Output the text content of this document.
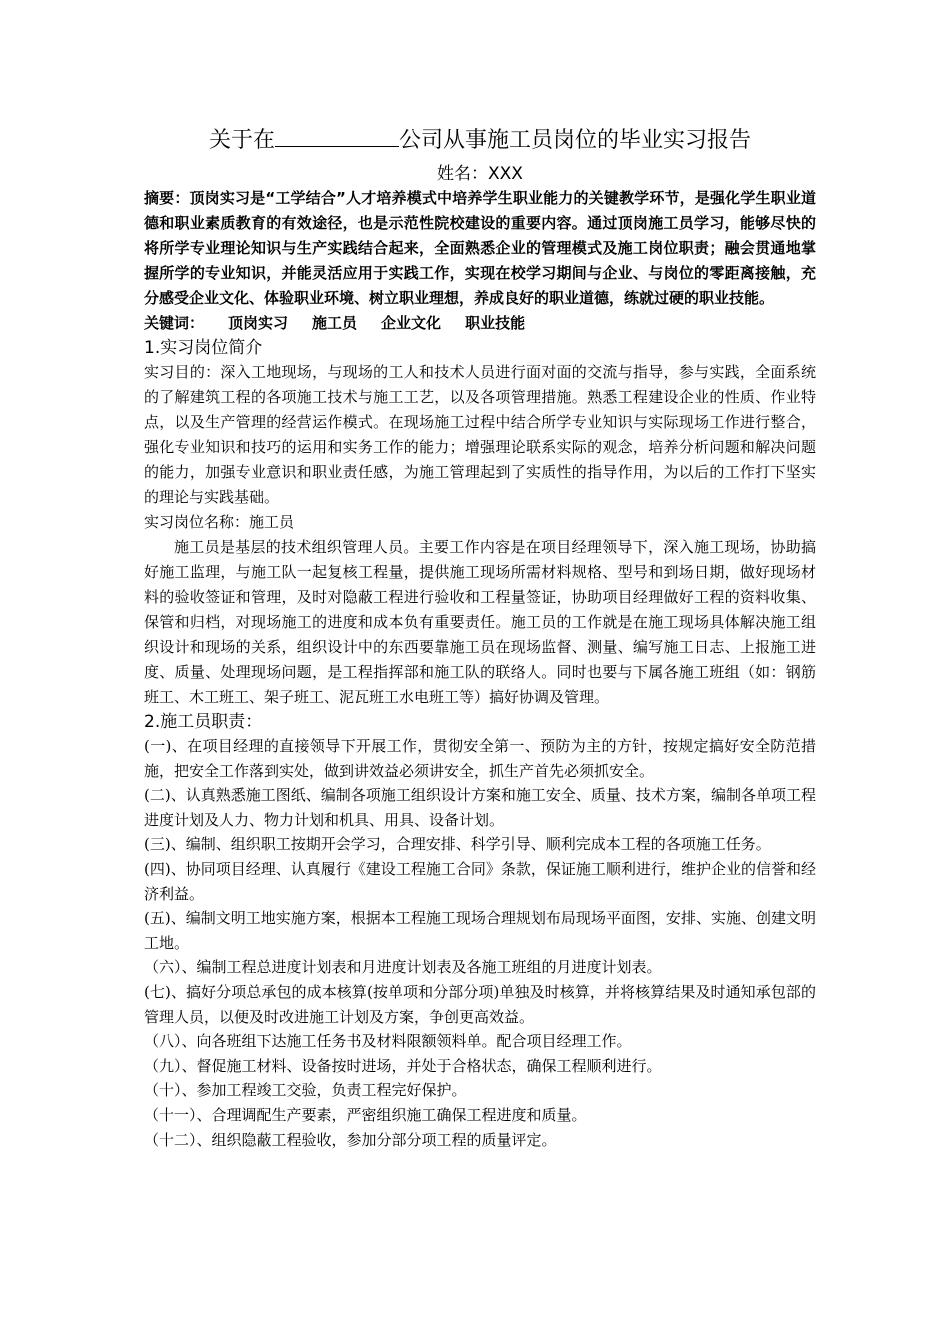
关于在	公司从事施工员岗位的毕业实习报告
姓名：XXX

摘要：顶岗实习是“工学结合”人才培养模式中培养学生职业能力的关键教学环节，是强化学生职业道德和职业素质教育的有效途径，也是示范性院校建设的重要内容。通过顶岗施工员学习，能够尽快的将所学专业理论知识与生产实践结合起来，全面熟悉企业的管理模式及施工岗位职责；融会贯通地掌握所学的专业知识，并能灵活应用于实践工作，实现在校学习期间与企业、与岗位的零距离接触，充分感受企业文化、体验职业环境、树立职业理想，养成良好的职业道德，练就过硬的职业技能。

关键词： 顶岗实习 施工员 企业文化 职业技能

1.实习岗位简介

实习目的：深入工地现场，与现场的工人和技术人员进行面对面的交流与指导，参与实践，全面系统的了解建筑工程的各项施工技术与施工工艺，以及各项管理措施。熟悉工程建设企业的性质、作业特点，以及生产管理的经营运作模式。在现场施工过程中结合所学专业知识与实际现场工作进行整合，强化专业知识和技巧的运用和实务工作的能力；增强理论联系实际的观念，培养分析问题和解决问题的能力，加强专业意识和职业责任感，为施工管理起到了实质性的指导作用，为以后的工作打下坚实的理论与实践基础。

实习岗位名称：施工员

施工员是基层的技术组织管理人员。主要工作内容是在项目经理领导下，深入施工现场，协助搞好施工监理，与施工队一起复核工程量，提供施工现场所需材料规格、型号和到场日期，做好现场材料的验收签证和管理，及时对隐蔽工程进行验收和工程量签证，协助项目经理做好工程的资料收集、保管和归档，对现场施工的进度和成本负有重要责任。施工员的工作就是在施工现场具体解决施工组织设计和现场的关系，组织设计中的东西要靠施工员在现场监督、测量、编写施工日志、上报施工进度、质量、处理现场问题，是工程指挥部和施工队的联络人。同时也要与下属各施工班组（如：钢筋班工、木工班工、架子班工、泥瓦班工水电班工等）搞好协调及管理。

2.施工员职责：

(一)、在项目经理的直接领导下开展工作，贯彻安全第一、预防为主的方针，按规定搞好安全防范措施，把安全工作落到实处，做到讲效益必须讲安全，抓生产首先必须抓安全。

(二)、认真熟悉施工图纸、编制各项施工组织设计方案和施工安全、质量、技术方案，编制各单项工程进度计划及人力、物力计划和机具、用具、设备计划。

(三)、编制、组织职工按期开会学习，合理安排、科学引导、顺利完成本工程的各项施工任务。

(四)、协同项目经理、认真履行《建设工程施工合同》条款，保证施工顺利进行，维护企业的信誉和经济利益。

(五)、编制文明工地实施方案，根据本工程施工现场合理规划布局现场平面图，安排、实施、创建文明工地。

（六）、编制工程总进度计划表和月进度计划表及各施工班组的月进度计划表。

(七)、搞好分项总承包的成本核算(按单项和分部分项)单独及时核算，并将核算结果及时通知承包部的管理人员，以便及时改进施工计划及方案，争创更高效益。

（八）、向各班组下达施工任务书及材料限额领料单。配合项目经理工作。

（九）、督促施工材料、设备按时进场，并处于合格状态，确保工程顺利进行。

（十）、参加工程竣工交验，负责工程完好保护。

（十一）、合理调配生产要素，严密组织施工确保工程进度和质量。

（十二）、组织隐蔽工程验收，参加分部分项工程的质量评定。
